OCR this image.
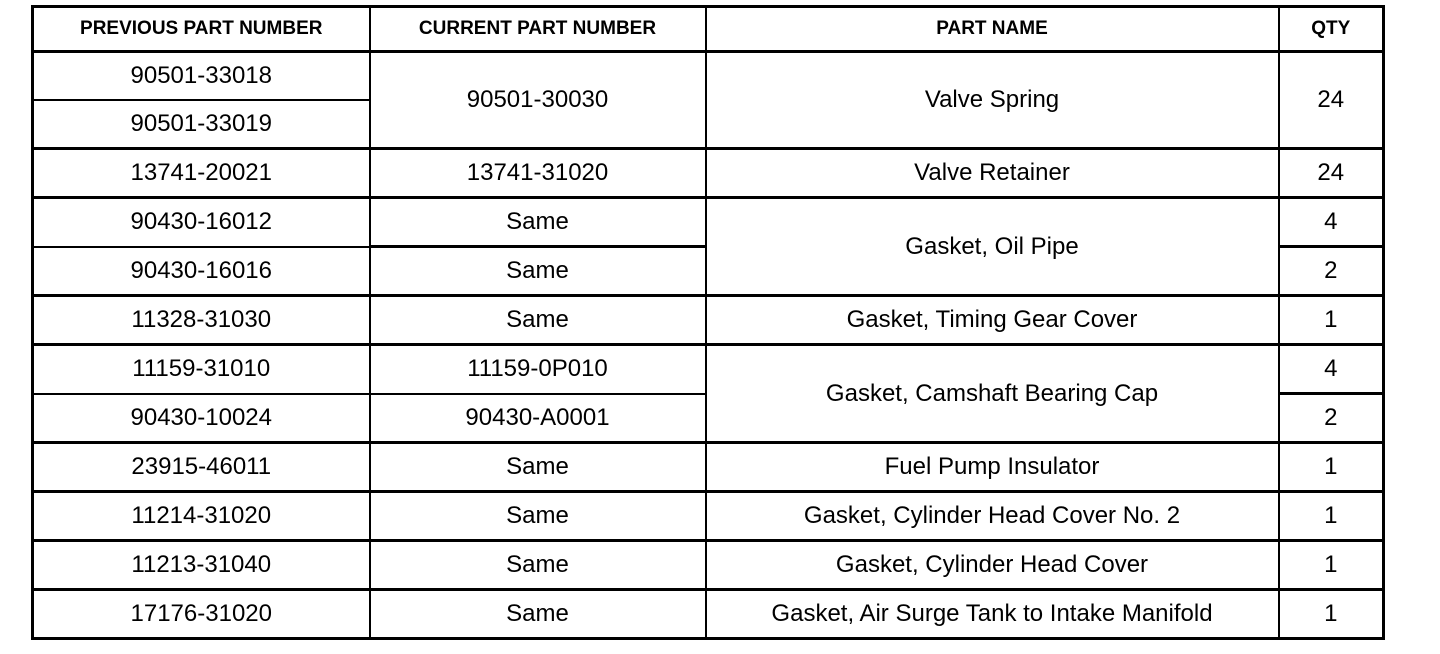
PREVIOUS PART NUMBER	CURRENT PART NUMBER	PART NAME	QTY
90501-33018	90501-30030	Valve Spring	24
90501-33019			
13741-20021	13741-31020	Valve Retainer	24
90430-16012	Same	Gasket, Oil Pipe	4
90430-16016	Same		2
11328-31030	Same	Gasket, Timing Gear Cover	1
11159-31010	11159-0P010	Gasket, Camshaft Bearing Cap	4
90430-10024	90430-A0001		2
23915-46011	Same	Fuel Pump Insulator	1
11214-31020	Same	Gasket, Cylinder Head Cover No. 2	1
11213-31040	Same	Gasket, Cylinder Head Cover	1
17176-31020	Same	Gasket, Air Surge Tank to Intake Manifold	1
